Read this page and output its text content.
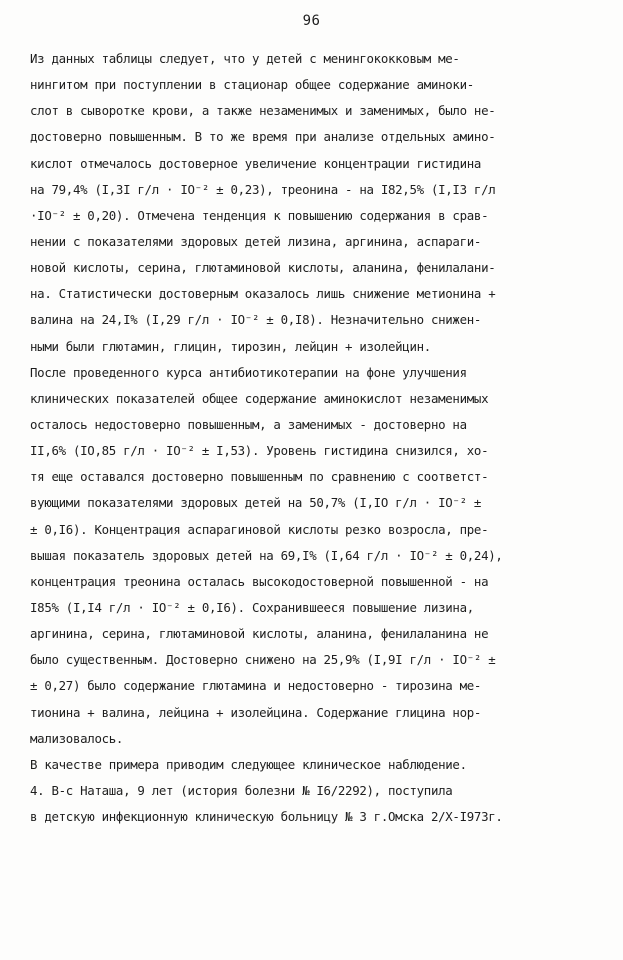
96
Из данных таблицы следует, что у детей с менингококковым ме-
нингитом при поступлении в стационар общее содержание аминоки-
слот в сыворотке крови, а также незаменимых и заменимых, было не-
достоверно повышенным. В то же время при анализе отдельных амино-
кислот отмечалось достоверное увеличение концентрации гистидина
на 79,4% (I,3I г/л · IO⁻² ± 0,23), треонина - на I82,5% (I,I3 г/л
·IO⁻² ± 0,20). Отмечена тенденция к повышению содержания в срав-
нении с показателями здоровых детей лизина, аргинина, аспараги-
новой кислоты, серина, глютаминовой кислоты, аланина, фенилалани-
на. Статистически достоверным оказалось лишь снижение метионина +
валина на 24,I% (I,29 г/л · IO⁻² ± 0,I8). Незначительно снижен-
ными были глютамин, глицин, тирозин, лейцин + изолейцин.
После проведенного курса антибиотикотерапии на фоне улучшения
клинических показателей общее содержание аминокислот незаменимых
осталось недостоверно повышенным, а заменимых - достоверно на
II,6% (IO,85 г/л · IO⁻² ± I,53). Уровень гистидина снизился, хо-
тя еще оставался достоверно повышенным по сравнению с соответст-
вующими показателями здоровых детей на 50,7% (I,IO г/л · IO⁻² ±
± 0,I6). Концентрация аспарагиновой кислоты резко возросла, пре-
вышая показатель здоровых детей на 69,I% (I,64 г/л · IO⁻² ± 0,24),
концентрация треонина осталась высокодостоверной повышенной - на
I85% (I,I4 г/л · IO⁻² ± 0,I6). Сохранившееся повышение лизина,
аргинина, серина, глютаминовой кислоты, аланина, фенилаланина не
было существенным. Достоверно снижено на 25,9% (I,9I г/л · IO⁻² ±
± 0,27) было содержание глютамина и недостоверно - тирозина ме-
тионина + валина, лейцина + изолейцина. Содержание глицина нор-
мализовалось.
В качестве примера приводим следующее клиническое наблюдение.
4. В-с Наташа, 9 лет (история болезни № I6/2292), поступила
в детскую инфекционную клиническую больницу № 3 г.Омска 2/X-I973г.
